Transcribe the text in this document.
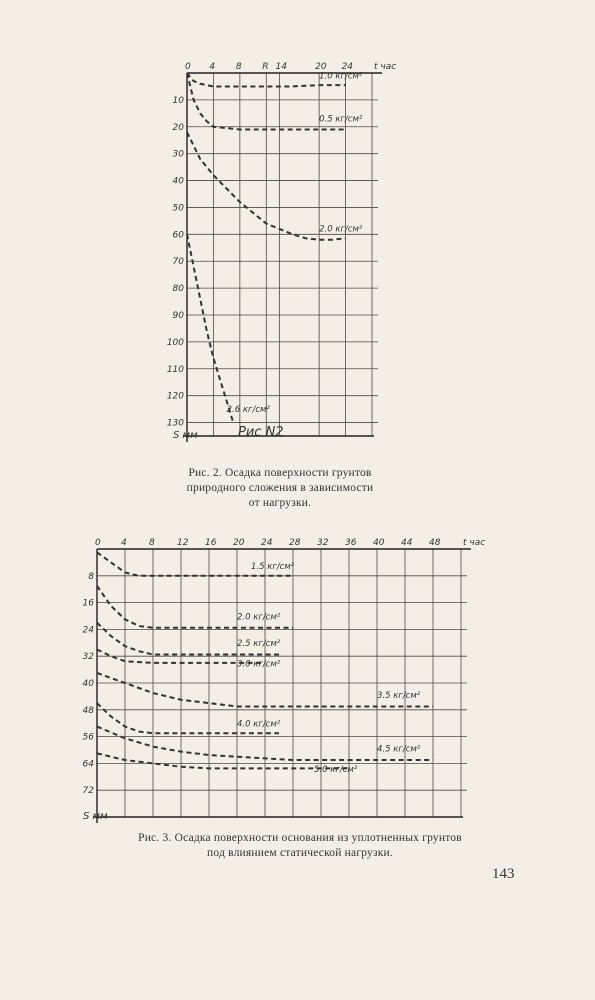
0 4 8 R 14	20 24 t час
10
20
30
40
50
60
70
80
90
100
110
120
130
S мм
1.0 кг/см²
0.5 кг/см²
2.0 кг/см²
2.6 кг/см²
Рис N2
Рис. 2. Осадка поверхности грунтов
природного сложения в зависимости
от нагрузки.
0 4 8 12 16 20 24 28 32 36 40 44 48	t час
8
16
24
32
40
48
56
64
72
S мм
1.5 кг/см²
2.0 кг/см²
2.5 кг/см²
3.0 кг/см²
3.5 кг/см²
4.0 кг/см²
4.5 кг/см²
5.0 кг/см²
Рис. 3. Осадка поверхности основания из уплотненных грунтов
под влиянием статической нагрузки.
143
